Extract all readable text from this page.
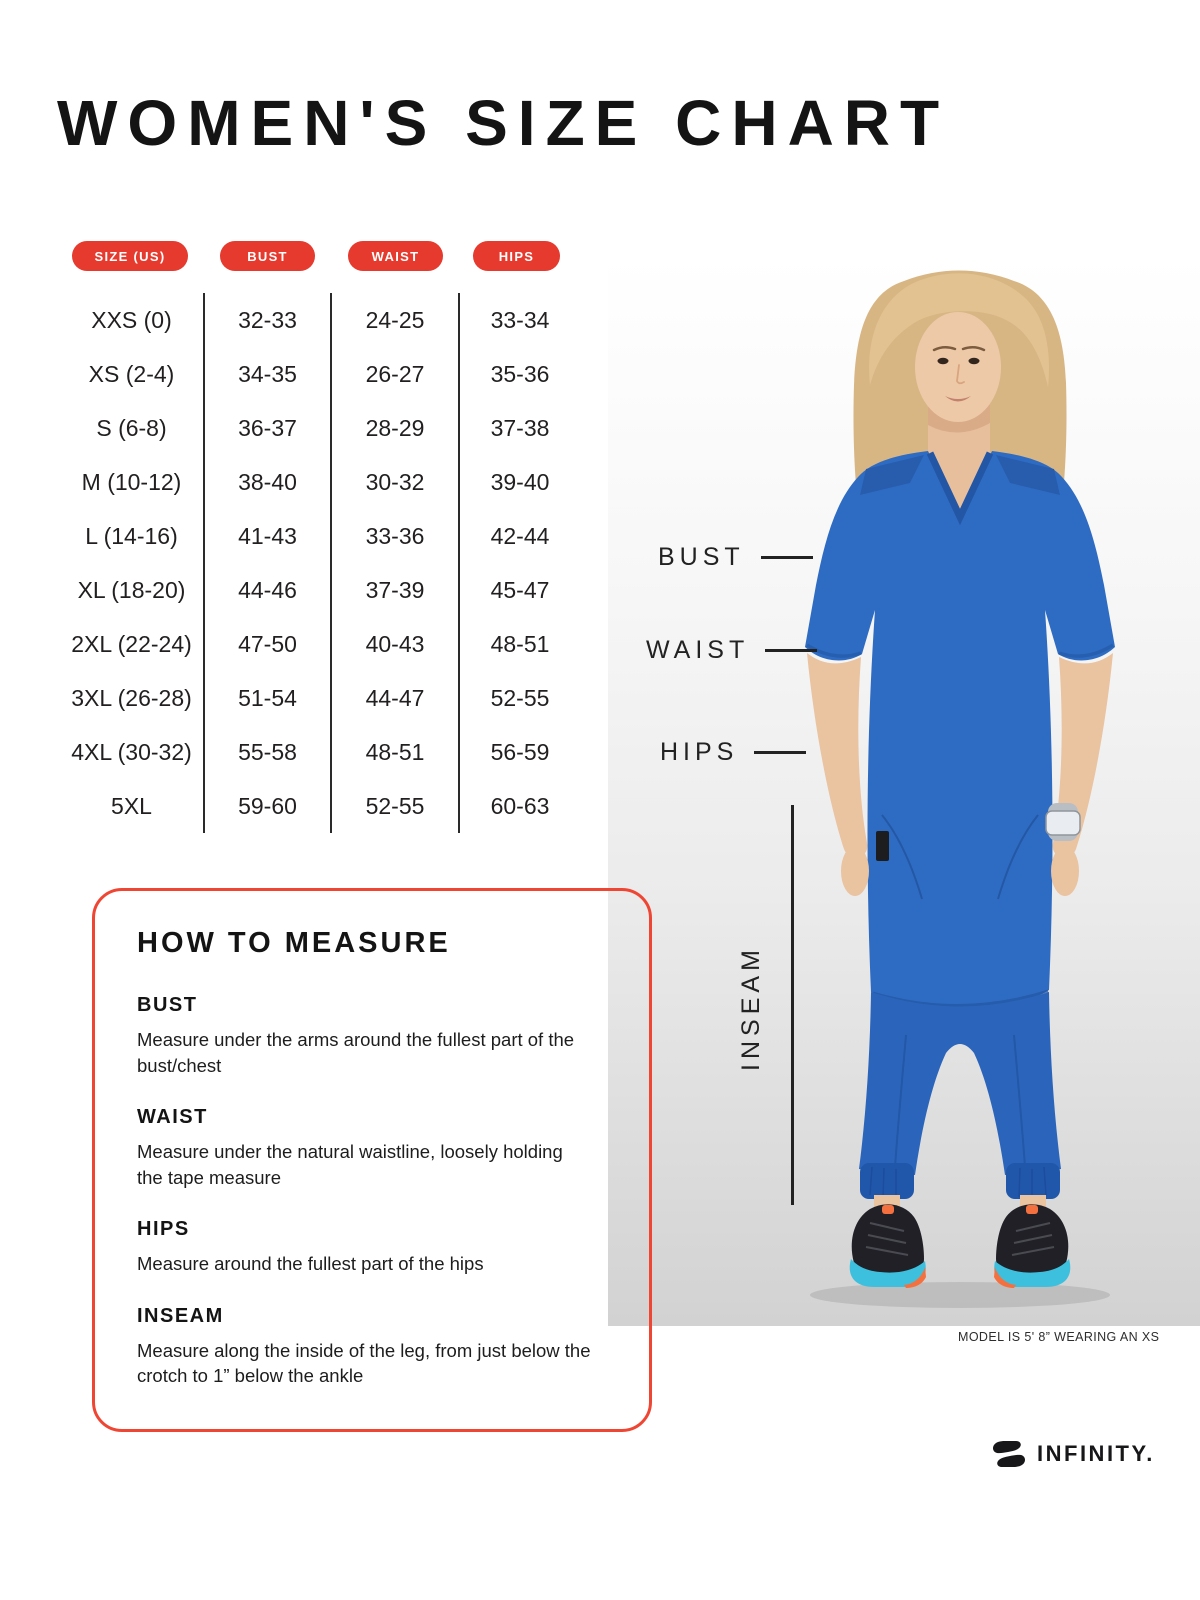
WOMEN'S SIZE CHART
BUST
WAIST
HIPS
INSEAM
MODEL IS 5' 8” WEARING AN XS
SIZE (US)	BUST	WAIST	HIPS
XXS (0)	32-33	24-25	33-34
XS (2-4)	34-35	26-27	35-36
S (6-8)	36-37	28-29	37-38
M (10-12)	38-40	30-32	39-40
L (14-16)	41-43	33-36	42-44
XL (18-20)	44-46	37-39	45-47
2XL (22-24)	47-50	40-43	48-51
3XL (26-28)	51-54	44-47	52-55
4XL (30-32)	55-58	48-51	56-59
5XL	59-60	52-55	60-63
HOW TO MEASURE
BUST

Measure under the arms around the fullest part of the bust/chest

WAIST

Measure under the natural waistline, loosely holding the tape measure

HIPS

Measure around the fullest part of the hips

INSEAM

Measure along the inside of the leg, from just below the crotch to 1” below the ankle

INFINITY.
